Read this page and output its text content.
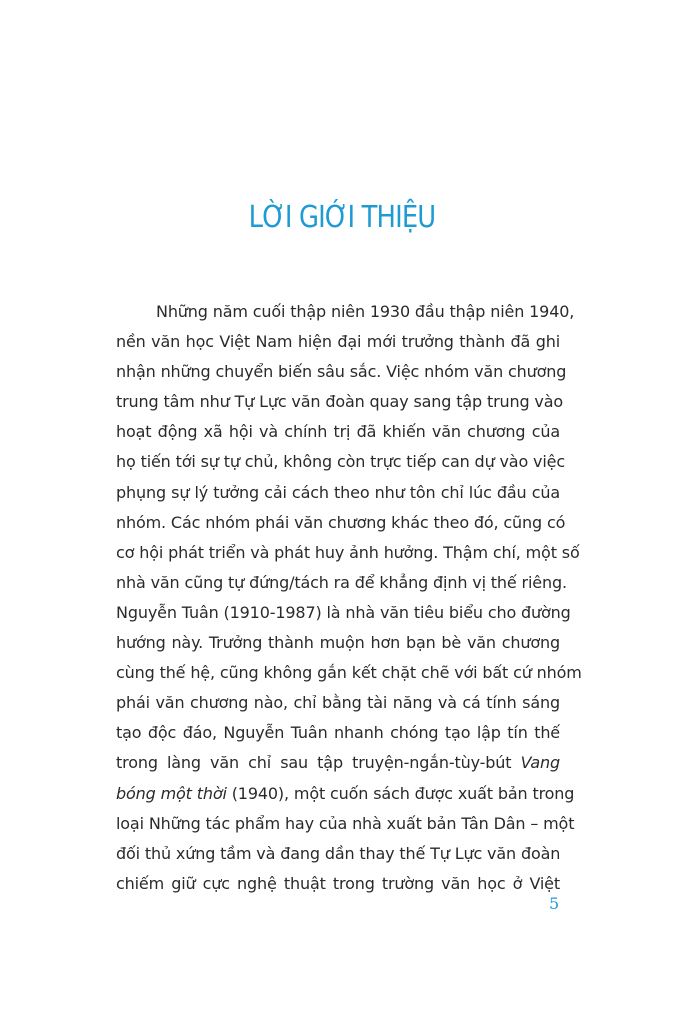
LỜI GIỚI THIỆU
Những năm cuối thập niên 1930 đầu thập niên 1940,
nền văn học Việt Nam hiện đại mới trưởng thành đã ghi
nhận những chuyển biến sâu sắc. Việc nhóm văn chương
trung tâm như Tự Lực văn đoàn quay sang tập trung vào
hoạt động xã hội và chính trị đã khiến văn chương của
họ tiến tới sự tự chủ, không còn trực tiếp can dự vào việc
phụng sự lý tưởng cải cách theo như tôn chỉ lúc đầu của
nhóm. Các nhóm phái văn chương khác theo đó, cũng có
cơ hội phát triển và phát huy ảnh hưởng. Thậm chí, một số
nhà văn cũng tự đứng/tách ra để khẳng định vị thế riêng.
Nguyễn Tuân (1910-1987) là nhà văn tiêu biểu cho đường
hướng này. Trưởng thành muộn hơn bạn bè văn chương
cùng thế hệ, cũng không gắn kết chặt chẽ với bất cứ nhóm
phái văn chương nào, chỉ bằng tài năng và cá tính sáng
tạo độc đáo, Nguyễn Tuân nhanh chóng tạo lập tín thế
trong làng văn chỉ sau tập truyện-ngắn-tùy-bút Vang
bóng một thời (1940), một cuốn sách được xuất bản trong
loại Những tác phẩm hay của nhà xuất bản Tân Dân – một
đối thủ xứng tầm và đang dần thay thế Tự Lực văn đoàn
chiếm giữ cực nghệ thuật trong trường văn học ở Việt
5
